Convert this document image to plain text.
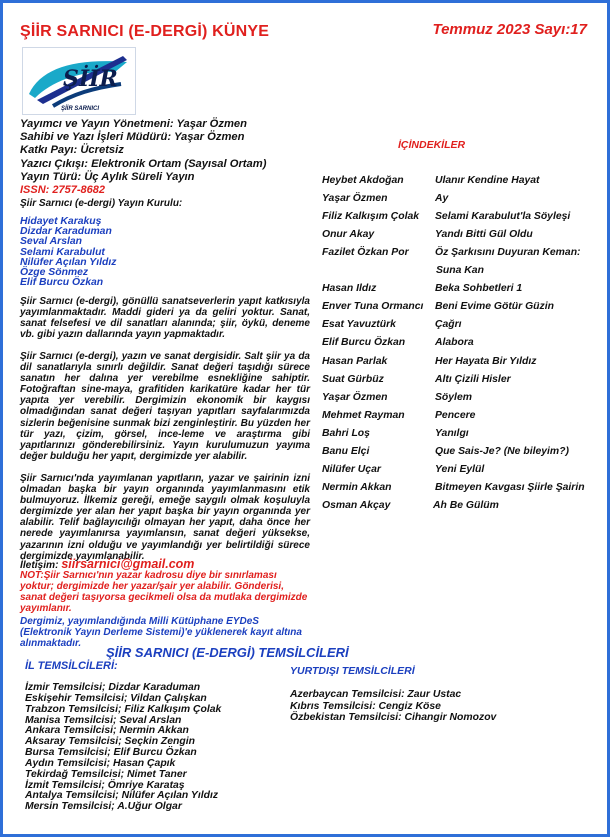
ŞİİR SARNICI (E-DERGİ) KÜNYE	Temmuz 2023 Sayı:17
ŞİİR
ŞİİR SARNICI
Yayımcı ve Yayın Yönetmeni: Yaşar Özmen
Sahibi ve Yazı İşleri Müdürü: Yaşar Özmen
Katkı Payı: Ücretsiz
Yazıcı Çıkışı: Elektronik Ortam (Sayısal Ortam)
Yayın Türü: Üç Aylık Süreli Yayın
ISSN: 2757-8682
Şiir Sarnıcı (e-dergi) Yayın Kurulu:
Hidayet Karakuş
Dizdar Karaduman
Seval Arslan
Selami Karabulut
Nilüfer Açılan Yıldız
Özge Sönmez
Elif Burcu Özkan

Şiir Sarnıcı (e-dergi), gönüllü sanatseverlerin yapıt katkısıyla yayımlanmaktadır. Maddi gideri ya da geliri yoktur. Sanat, sanat felsefesi ve dil sanatları alanında; şiir, öykü, deneme vb. gibi yazın dallarında yayın yapmaktadır.

Şiir Sarnıcı (e-dergi), yazın ve sanat dergisidir. Salt şiir ya da dil sanatlarıyla sınırlı değildir. Sanat değeri taşıdığı sürece sanatın her dalına yer verebilme esnekliğine sahiptir. Fotoğraftan sine-maya, grafitiden karikatüre kadar her tür yapıta yer verebilir. Dergimizin ekonomik bir kaygısı olmadığından sanat değeri taşıyan yapıtları sayfalarımızda sizlerin beğenisine sunmak bizi zenginleştirir. Bu yüzden her tür yazı, çizim, görsel, ince-leme ve araştırma gibi yapıtlarınızı gönderebilirsiniz. Yayın kurulumuzun yayıma değer bulduğu her yapıt, dergimizde yer alabilir.

Şiir Sarnıcı'nda yayımlanan yapıtların, yazar ve şairinin izni olmadan başka bir yayın organında yayımlanmasını etik bulmuyoruz. İlkemiz gereği, emeğe saygılı olmak koşuluyla dergimizde yer alan her yapıt başka bir yayın organında yer alabilir. Telif bağlayıcılığı olmayan her yapıt, daha önce her nerede yayımlanırsa yayımlansın, sanat değeri yüksekse, yazarının izni olduğu ve yayımlandığı yer belirtildiği sürece dergimizde yayımlanabilir.

İletişim: siirsarnici@gmail.com

NOT:Şiir Sarnıcı'nın yazar kadrosu diye bir sınırlaması yoktur; dergimizde her yazar/şair yer alabilir. Gönderisi, sanat değeri taşıyorsa gecikmeli olsa da mutlaka dergimizde yayımlanır.

Dergimiz, yayımlandığında Milli Kütüphane EYDeS (Elektronik Yayın Derleme Sistemi)'e yüklenerek kayıt altına alınmaktadır.

İÇİNDEKİLER
Heybet Akdoğan	Ulanır Kendine Hayat
Yaşar Özmen	Ay
Filiz Kalkışım Çolak	Selami Karabulut'la Söyleşi
Onur Akay	Yandı Bitti Gül Oldu
Fazilet Özkan Por	Öz Şarkısını Duyuran Keman:
Suna Kan
Hasan Ildız	Beka Sohbetleri 1
Enver Tuna Ormancı	Beni Evime Götür Güzin
Esat Yavuztürk	Çağrı
Elif Burcu Özkan	Alabora
Hasan Parlak	Her Hayata Bir Yıldız
Suat Gürbüz	Altı Çizili Hisler
Yaşar Özmen	Söylem
Mehmet Rayman	Pencere
Bahri Loş	Yanılgı
Banu Elçi	Que Sais-Je? (Ne bileyim?)
Nilüfer Uçar	Yeni Eylül
Nermin Akkan	Bitmeyen Kavgası Şiirle Şairin
Osman Akçay	Ah Be Gülüm
ŞİİR SARNICI (E-DERGİ) TEMSİLCİLERİ
İL TEMSİLCİLERİ:
İzmir Temsilcisi; Dizdar Karaduman
Eskişehir Temsilcisi; Vildan Çalışkan
Trabzon Temsilcisi; Filiz Kalkışım Çolak
Manisa Temsilcisi; Seval Arslan
Ankara Temsilcisi; Nermin Akkan
Aksaray Temsilcisi; Seçkin Zengin
Bursa Temsilcisi; Elif Burcu Özkan
Aydın Temsilcisi; Hasan Çapık
Tekirdağ Temsilcisi; Nimet Taner
İzmit Temsilcisi; Ömriye Karataş
Antalya Temsilcisi; Nilüfer Açılan Yıldız
Mersin Temsilcisi; A.Uğur Olgar
YURTDIŞI TEMSİLCİLERİ
Azerbaycan Temsilcisi: Zaur Ustac
Kıbrıs Temsilcisi: Cengiz Köse
Özbekistan Temsilcisi: Cihangir Nomozov
